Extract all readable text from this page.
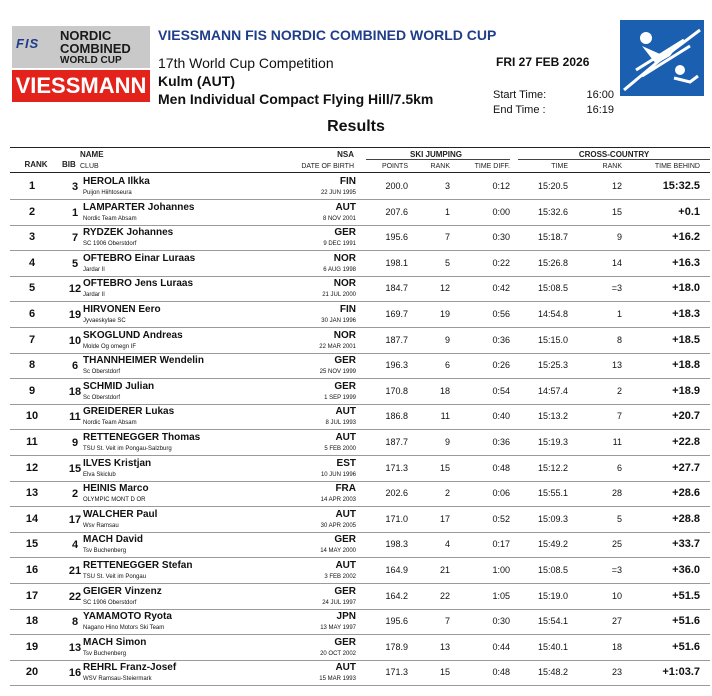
FIS
NORDIC
COMBINED
WORLD CUP
VIESSMANN
VIESSMANN FIS NORDIC COMBINED WORLD CUP
17th World Cup Competition
Kulm (AUT)
Men Individual Compact Flying Hill/7.5km
FRI 27 FEB 2026
Start Time:	16:00
End Time :	16:19
Results
NAME	NSA	SKI JUMPING	CROSS-COUNTRY
RANK	BIB CLUB	DATE OF BIRTH	POINTS	RANK	TIME DIFF.	TIME	RANK	TIME BEHIND
1	3 HEROLA Ilkka
Puijon Hiihtoseura
FIN
22 JUN 1995
200.0	3	0:12	15:20.5	12	15:32.5
2	1 LAMPARTER Johannes
Nordic Team Absam
AUT
8 NOV 2001
207.6	1	0:00	15:32.6	15	+0.1
3	7 RYDZEK Johannes
SC 1906 Oberstdorf
GER
9 DEC 1991
195.6	7	0:30	15:18.7	9	+16.2
4	5 OFTEBRO Einar Luraas
Jardar Il
NOR
6 AUG 1998
198.1	5	0:22	15:26.8	14	+16.3
5	12 OFTEBRO Jens Luraas
Jardar Il
NOR
21 JUL 2000
184.7	12	0:42	15:08.5	=3	+18.0
6	19 HIRVONEN Eero
Jyvaeskylae SC
FIN
30 JAN 1996
169.7	19	0:56	14:54.8	1	+18.3
7	10 SKOGLUND Andreas
Molde Og omegn IF
NOR
22 MAR 2001
187.7	9	0:36	15:15.0	8	+18.5
8	6 THANNHEIMER Wendelin
Sc Oberstdorf
GER
25 NOV 1999
196.3	6	0:26	15:25.3	13	+18.8
9	18 SCHMID Julian
Sc Oberstdorf
GER
1 SEP 1999
170.8	18	0:54	14:57.4	2	+18.9
10	11 GREIDERER Lukas
Nordic Team Absam
AUT
8 JUL 1993
186.8	11	0:40	15:13.2	7	+20.7
11	9 RETTENEGGER Thomas
TSU St. Veit im Pongau-Salzburg
AUT
5 FEB 2000
187.7	9	0:36	15:19.3	11	+22.8
12	15 ILVES Kristjan
Elva Skiclub
EST
10 JUN 1996
171.3	15	0:48	15:12.2	6	+27.7
13	2 HEINIS Marco
OLYMPIC MONT D OR
FRA
14 APR 2003
202.6	2	0:06	15:55.1	28	+28.6
14	17 WALCHER Paul
Wsv Ramsau
AUT
30 APR 2005
171.0	17	0:52	15:09.3	5	+28.8
15	4 MACH David
Tsv Buchenberg
GER
14 MAY 2000
198.3	4	0:17	15:49.2	25	+33.7
16	21 RETTENEGGER Stefan
TSU St. Veit im Pongau
AUT
3 FEB 2002
164.9	21	1:00	15:08.5	=3	+36.0
17	22 GEIGER Vinzenz
SC 1906 Oberstdorf
GER
24 JUL 1997
164.2	22	1:05	15:19.0	10	+51.5
18	8 YAMAMOTO Ryota
Nagano Hino Motors Ski Team
JPN
13 MAY 1997
195.6	7	0:30	15:54.1	27	+51.6
19	13 MACH Simon
Tsv Buchenberg
GER
20 OCT 2002
178.9	13	0:44	15:40.1	18	+51.6
20	16 REHRL Franz-Josef
WSV Ramsau-Steiermark
AUT
15 MAR 1993
171.3	15	0:48	15:48.2	23	+1:03.7
